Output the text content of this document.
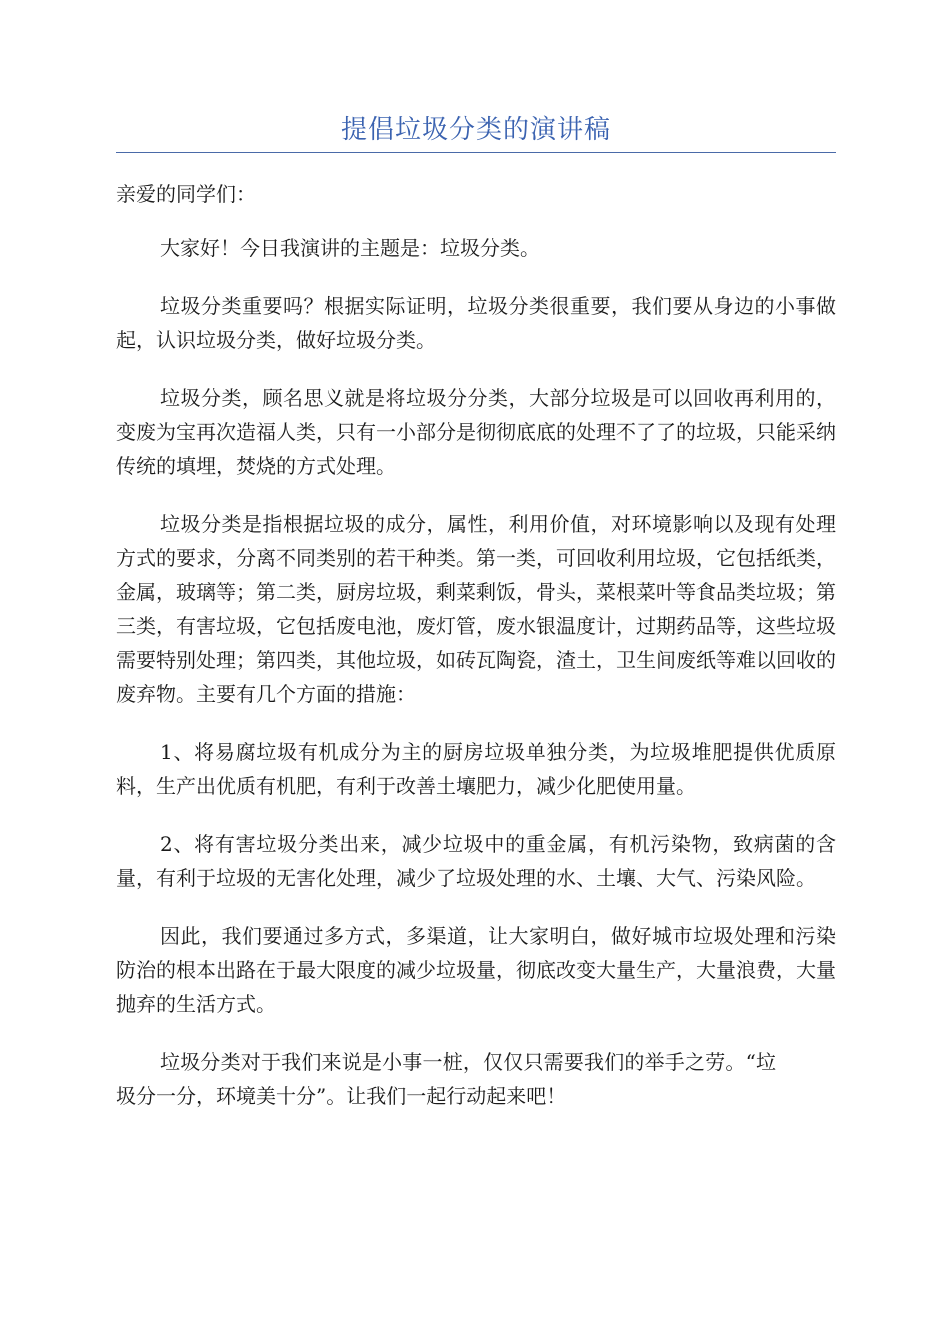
提倡垃圾分类的演讲稿
亲爱的同学们：
大家好！今日我演讲的主题是：垃圾分类。
垃圾分类重要吗？根据实际证明，垃圾分类很重要，我们要从身边的小事做起，认识垃圾分类，做好垃圾分类。
垃圾分类，顾名思义就是将垃圾分分类，大部分垃圾是可以回收再利用的，变废为宝再次造福人类，只有一小部分是彻彻底底的处理不了了的垃圾，只能采纳传统的填埋，焚烧的方式处理。
垃圾分类是指根据垃圾的成分，属性，利用价值，对环境影响以及现有处理方式的要求，分离不同类别的若干种类。第一类，可回收利用垃圾，它包括纸类，金属，玻璃等；第二类，厨房垃圾，剩菜剩饭，骨头，菜根菜叶等食品类垃圾；第三类，有害垃圾，它包括废电池，废灯管，废水银温度计，过期药品等，这些垃圾需要特别处理；第四类，其他垃圾，如砖瓦陶瓷，渣土，卫生间废纸等难以回收的废弃物。主要有几个方面的措施：
1、将易腐垃圾有机成分为主的厨房垃圾单独分类，为垃圾堆肥提供优质原料，生产出优质有机肥，有利于改善土壤肥力，减少化肥使用量。
2、将有害垃圾分类出来，减少垃圾中的重金属，有机污染物，致病菌的含量，有利于垃圾的无害化处理，减少了垃圾处理的水、土壤、大气、污染风险。
因此，我们要通过多方式，多渠道，让大家明白，做好城市垃圾处理和污染防治的根本出路在于最大限度的减少垃圾量，彻底改变大量生产，大量浪费，大量抛弃的生活方式。
垃圾分类对于我们来说是小事一桩，仅仅只需要我们的举手之劳。“垃圾分一分，环境美十分”。让我们一起行动起来吧！
